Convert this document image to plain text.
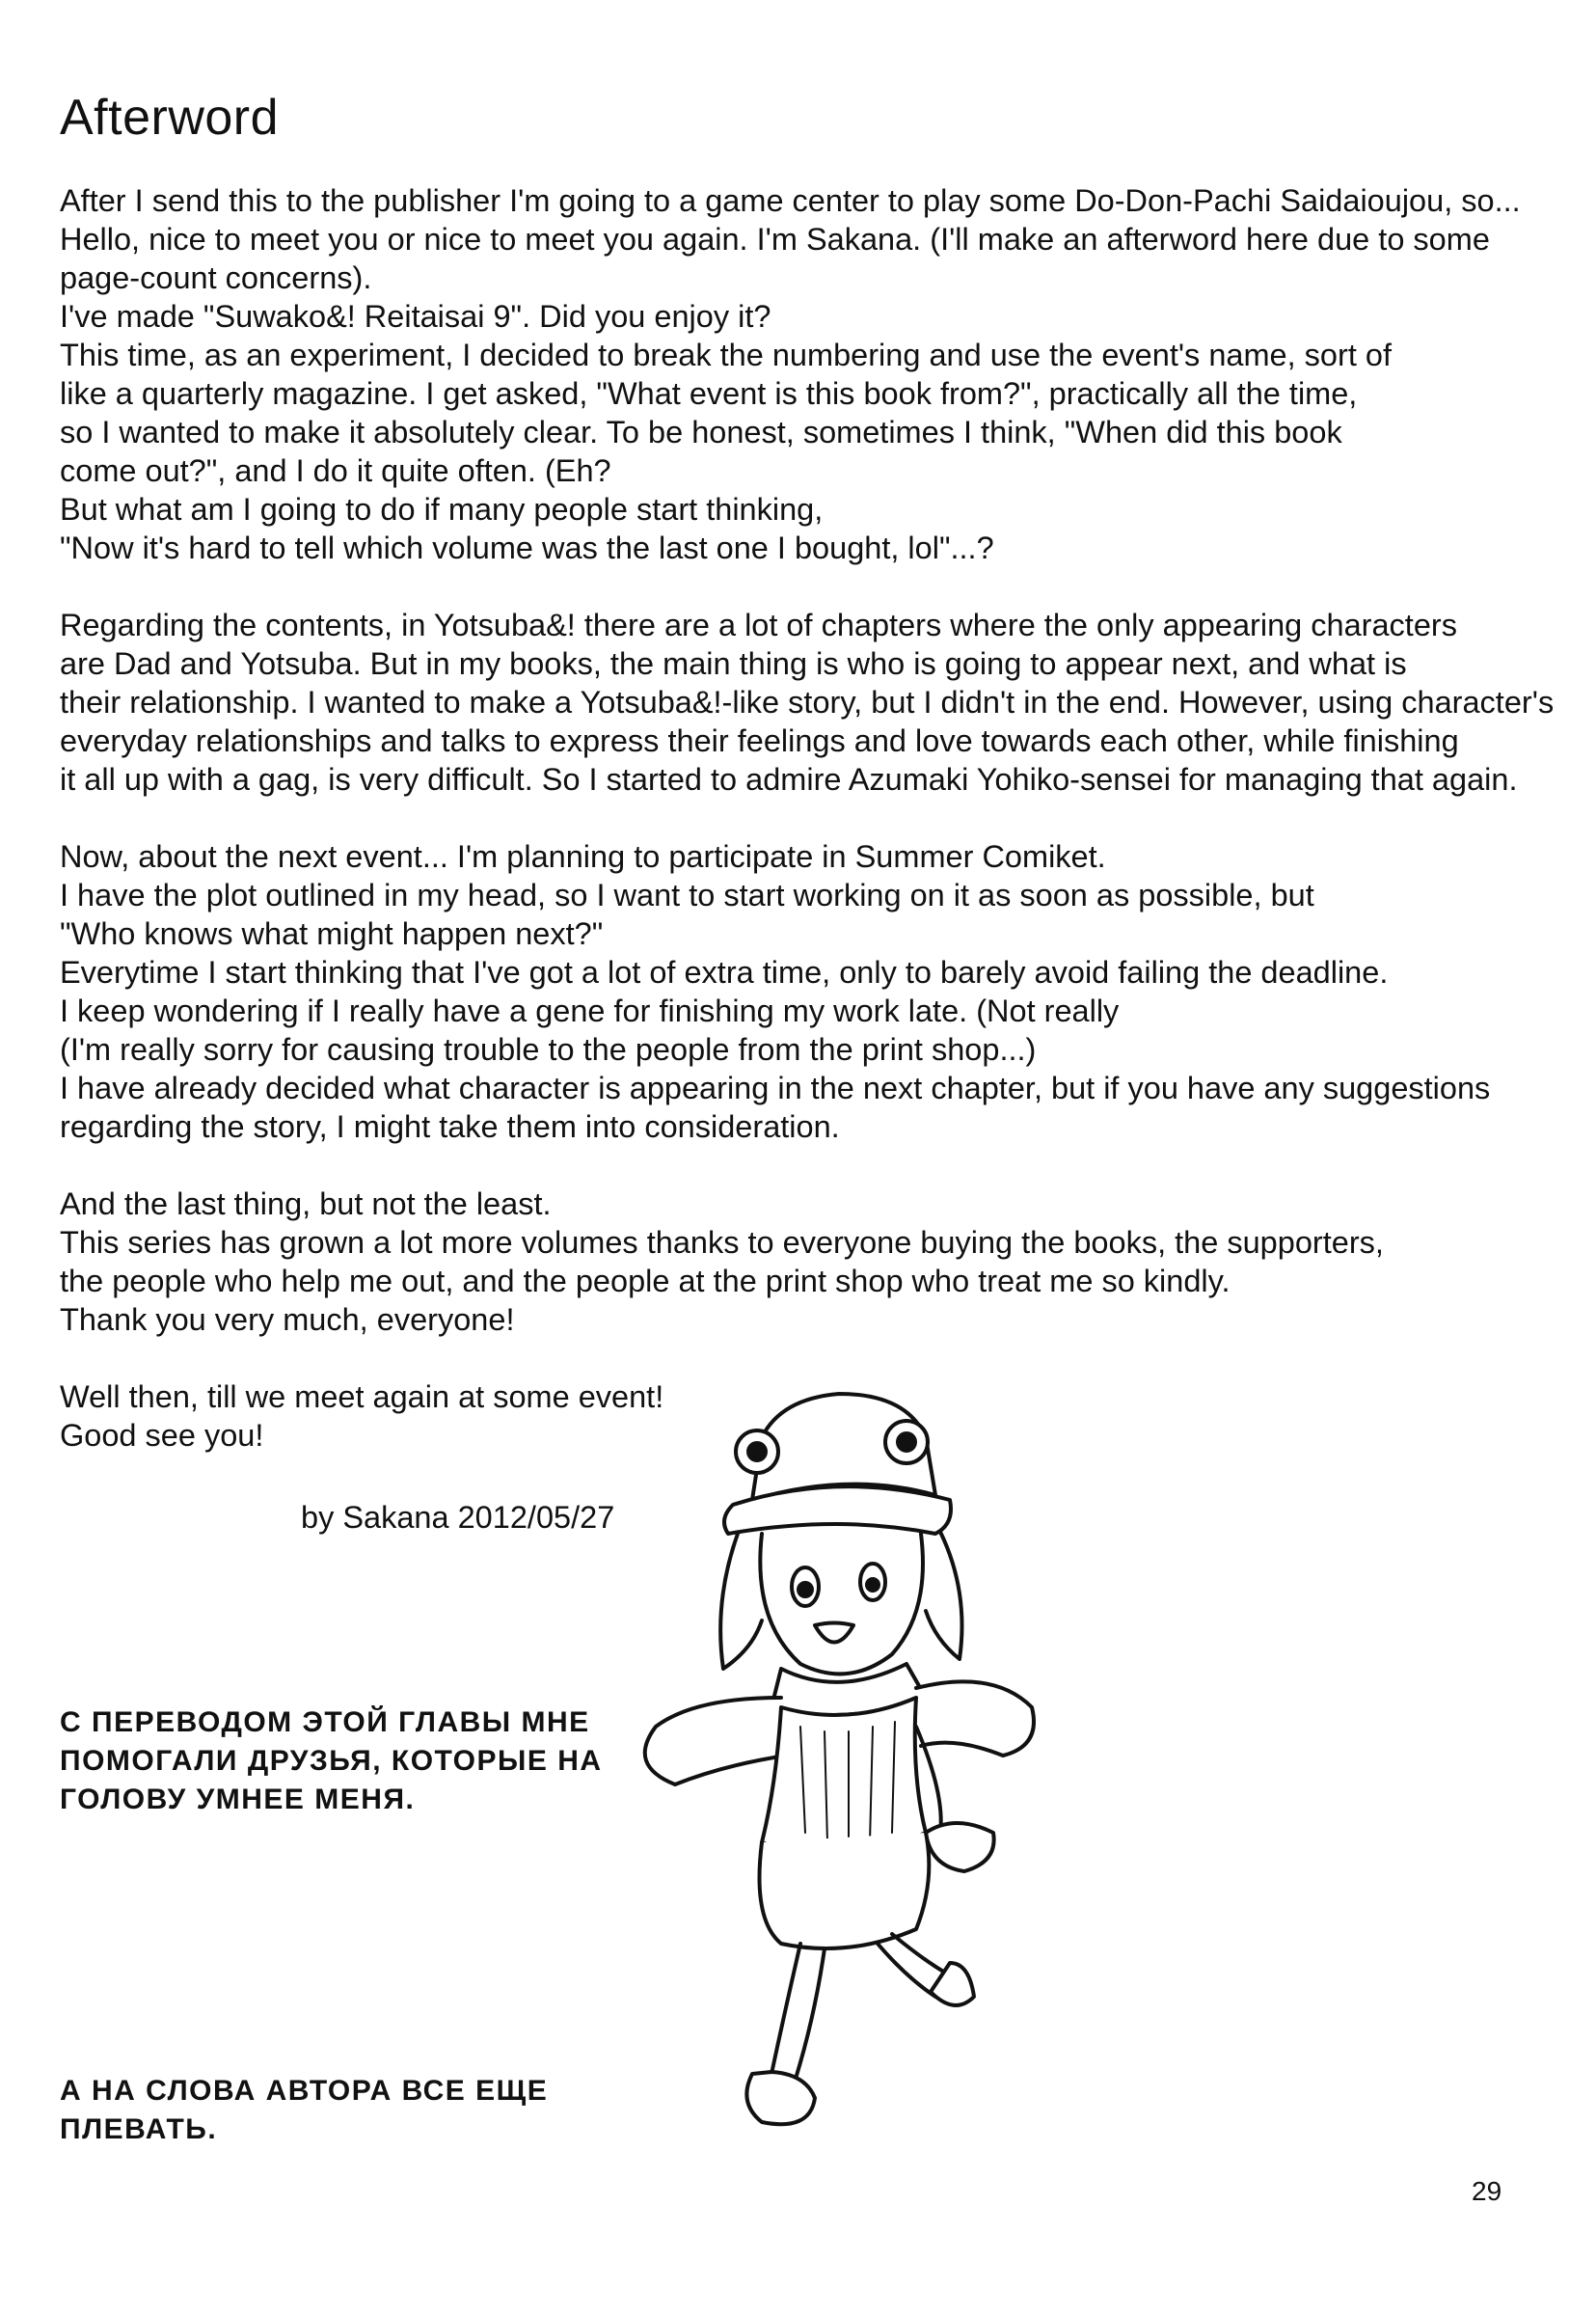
Afterword
After I send this to the publisher I'm going to a game center to play some Do-Don-Pachi Saidaioujou, so...
Hello, nice to meet you or nice to meet you again. I'm Sakana. (I'll make an afterword here due to some
page-count concerns).
I've made "Suwako&! Reitaisai 9". Did you enjoy it?
This time, as an experiment, I decided to break the numbering and use the event's name, sort of
like a quarterly magazine. I get asked, "What event is this book from?", practically all the time,
so I wanted to make it absolutely clear. To be honest, sometimes I think, "When did this book
come out?", and I do it quite often. (Eh?
But what am I going to do if many people start thinking,
"Now it's hard to tell which volume was the last one I bought, lol"...?
Regarding the contents, in Yotsuba&! there are a lot of chapters where the only appearing characters
are Dad and Yotsuba. But in my books, the main thing is who is going to appear next, and what is
their relationship. I wanted to make a Yotsuba&!-like story, but I didn't in the end. However, using character's
everyday relationships and talks to express their feelings and love towards each other, while finishing
it all up with a gag, is very difficult. So I started to admire Azumaki Yohiko-sensei for managing that again.
Now, about the next event... I'm planning to participate in Summer Comiket.
I have the plot outlined in my head, so I want to start working on it as soon as possible, but
"Who knows what might happen next?"
Everytime I start thinking that I've got a lot of extra time, only to barely avoid failing the deadline.
I keep wondering if I really have a gene for finishing my work late. (Not really
(I'm really sorry for causing trouble to the people from the print shop...)
I have already decided what character is appearing in the next chapter, but if you have any suggestions
regarding the story, I might take them into consideration.
And the last thing, but not the least.
This series has grown a lot more volumes thanks to everyone buying the books, the supporters,
the people who help me out, and the people at the print shop who treat me so kindly.
Thank you very much, everyone!
Well then, till we meet again at some event!
Good see you!
by Sakana 2012/05/27
С ПЕРЕВОДОМ ЭТОЙ ГЛАВЫ МНЕ
ПОМОГАЛИ ДРУЗЬЯ, КОТОРЫЕ НА
ГОЛОВУ УМНЕЕ МЕНЯ.
А НА СЛОВА АВТОРА ВСЕ ЕЩЕ
ПЛЕВАТЬ.
29
